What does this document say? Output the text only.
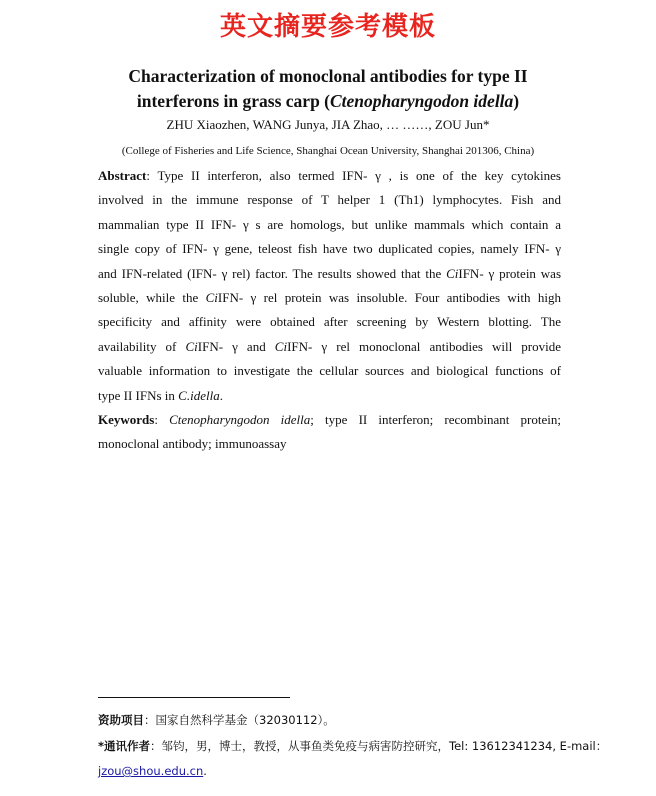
英文摘要参考模板
Characterization of monoclonal antibodies for type II
interferons in grass carp (Ctenopharyngodon idella)
ZHU Xiaozhen, WANG Junya, JIA Zhao, … ……, ZOU Jun*
(College of Fisheries and Life Science, Shanghai Ocean University, Shanghai 201306, China)
Abstract: Type II interferon, also termed IFN- γ , is one of the key cytokines
involved in the immune response of T helper 1 (Th1) lymphocytes. Fish and
mammalian type II IFN- γ s are homologs, but unlike mammals which contain a
single copy of IFN- γ gene, teleost fish have two duplicated copies, namely IFN- γ
and IFN-related (IFN- γ rel) factor. The results showed that the CiIFN- γ protein was
soluble, while the CiIFN- γ rel protein was insoluble. Four antibodies with high
specificity and affinity were obtained after screening by Western blotting. The
availability of CiIFN- γ and CiIFN- γ rel monoclonal antibodies will provide
valuable information to investigate the cellular sources and biological functions of
type II IFNs in C.idella.
Keywords: Ctenopharyngodon idella; type II interferon; recombinant protein;
monoclonal antibody; immunoassay
资助项目：国家自然科学基金（32030112）。
*通讯作者：邹钧，男，博士，教授，从事鱼类免疫与病害防控研究，Tel: 13612341234, E-mail：
jzou@shou.edu.cn.
